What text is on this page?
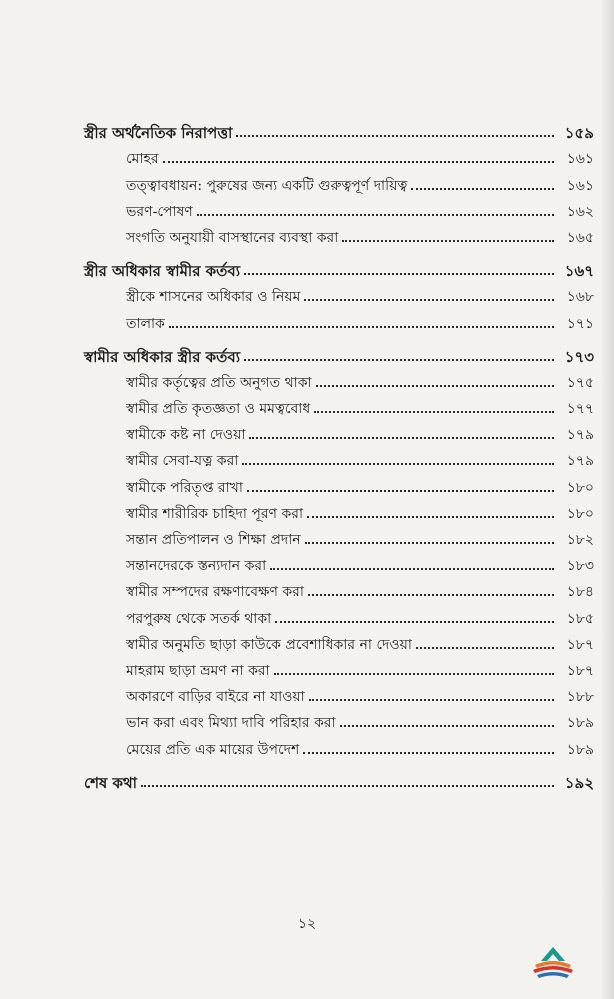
স্ত্রীর অর্থনৈতিক নিরাপত্তা	১৫৯
মোহর	১৬১
তত্ত্বাবধায়ন: পুরুষের জন্য একটি গুরুত্বপূর্ণ দায়িত্ব	১৬১
ভরণ-পোষণ	১৬২
সংগতি অনুযায়ী বাসস্থানের ব্যবস্থা করা	১৬৫
স্ত্রীর অধিকার স্বামীর কর্তব্য	১৬৭
স্ত্রীকে শাসনের অধিকার ও নিয়ম	১৬৮
তালাক	১৭১
স্বামীর অধিকার স্ত্রীর কর্তব্য	১৭৩
স্বামীর কর্তৃত্বের প্রতি অনুগত থাকা	১৭৫
স্বামীর প্রতি কৃতজ্ঞতা ও মমত্ববোধ	১৭৭
স্বামীকে কষ্ট না দেওয়া	১৭৯
স্বামীর সেবা-যত্ন করা	১৭৯
স্বামীকে পরিতৃপ্ত রাখা	১৮০
স্বামীর শারীরিক চাহিদা পূরণ করা	১৮০
সন্তান প্রতিপালন ও শিক্ষা প্রদান	১৮২
সন্তানদেরকে স্তন্যদান করা	১৮৩
স্বামীর সম্পদের রক্ষণাবেক্ষণ করা	১৮৪
পরপুরুষ থেকে সতর্ক থাকা	১৮৫
স্বামীর অনুমতি ছাড়া কাউকে প্রবেশাধিকার না দেওয়া	১৮৭
মাহরাম ছাড়া ভ্রমণ না করা	১৮৭
অকারণে বাড়ির বাইরে না যাওয়া	১৮৮
ভান করা এবং মিথ্যা দাবি পরিহার করা	১৮৯
মেয়ের প্রতি এক মায়ের উপদেশ	১৮৯
শেষ কথা	১৯২
১২
